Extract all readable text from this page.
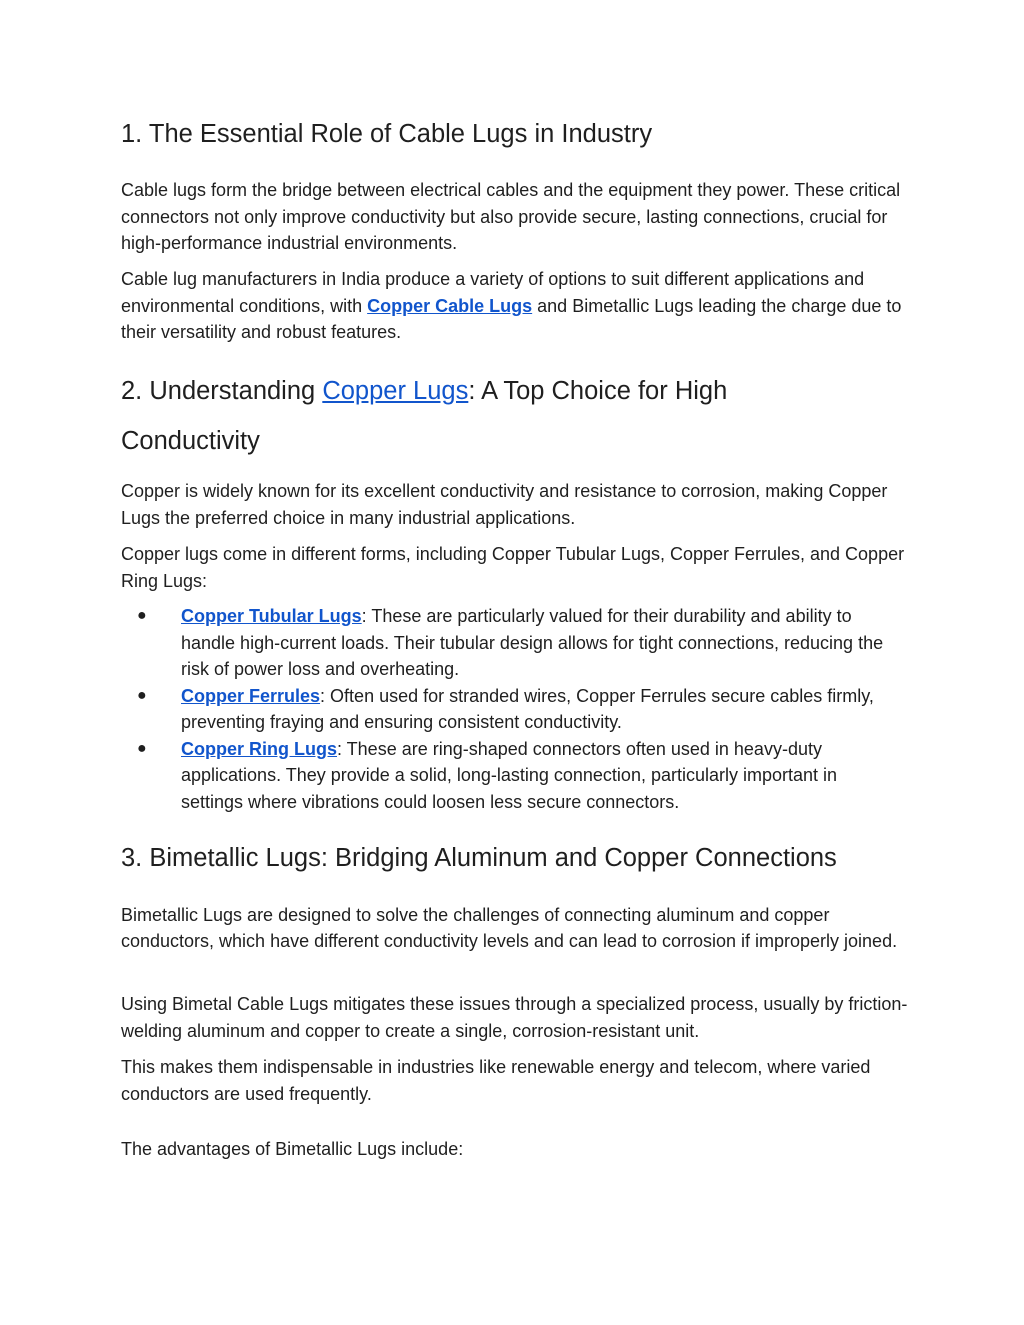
1. The Essential Role of Cable Lugs in Industry

Cable lugs form the bridge between electrical cables and the equipment they power. These critical connectors not only improve conductivity but also provide secure, lasting connections, crucial for high-performance industrial environments.

Cable lug manufacturers in India produce a variety of options to suit different applications and environmental conditions, with Copper Cable Lugs and Bimetallic Lugs leading the charge due to their versatility and robust features.

2. Understanding Copper Lugs: A Top Choice for High Conductivity

Copper is widely known for its excellent conductivity and resistance to corrosion, making Copper Lugs the preferred choice in many industrial applications.

Copper lugs come in different forms, including Copper Tubular Lugs, Copper Ferrules, and Copper Ring Lugs:

● Copper Tubular Lugs: These are particularly valued for their durability and ability to handle high-current loads. Their tubular design allows for tight connections, reducing the risk of power loss and overheating.
● Copper Ferrules: Often used for stranded wires, Copper Ferrules secure cables firmly, preventing fraying and ensuring consistent conductivity.
● Copper Ring Lugs: These are ring-shaped connectors often used in heavy-duty applications. They provide a solid, long-lasting connection, particularly important in settings where vibrations could loosen less secure connectors.
3. Bimetallic Lugs: Bridging Aluminum and Copper Connections

Bimetallic Lugs are designed to solve the challenges of connecting aluminum and copper conductors, which have different conductivity levels and can lead to corrosion if improperly joined.

Using Bimetal Cable Lugs mitigates these issues through a specialized process, usually by friction-welding aluminum and copper to create a single, corrosion-resistant unit.

This makes them indispensable in industries like renewable energy and telecom, where varied conductors are used frequently.

The advantages of Bimetallic Lugs include:
